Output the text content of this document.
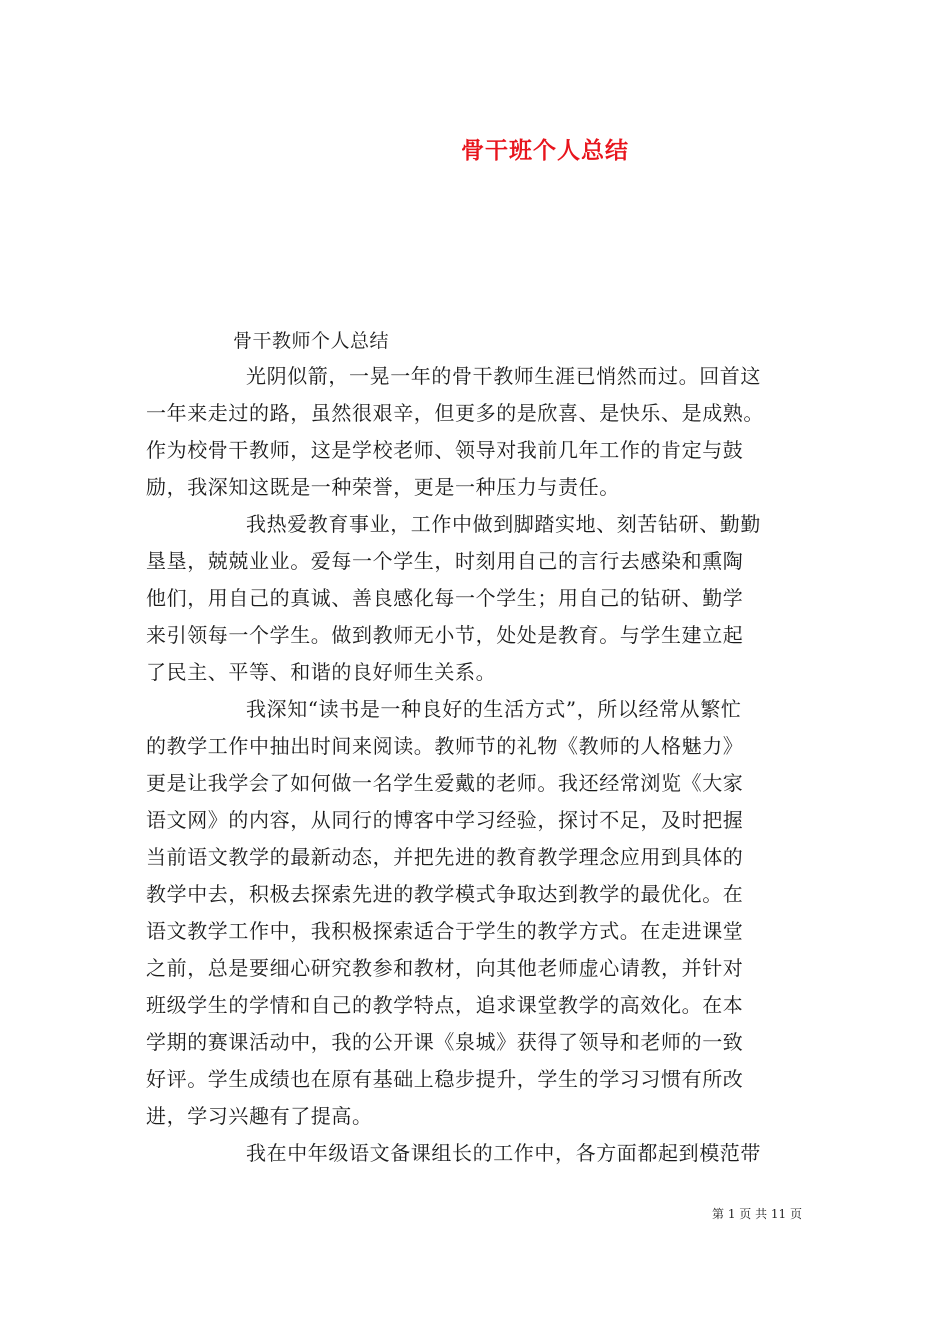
骨干班个人总结

骨干教师个人总结

光阴似箭，一晃一年的骨干教师生涯已悄然而过。回首这
一年来走过的路，虽然很艰辛，但更多的是欣喜、是快乐、是成熟。
作为校骨干教师，这是学校老师、领导对我前几年工作的肯定与鼓
励，我深知这既是一种荣誉，更是一种压力与责任。
我热爱教育事业，工作中做到脚踏实地、刻苦钻研、勤勤
垦垦，兢兢业业。爱每一个学生，时刻用自己的言行去感染和熏陶
他们，用自己的真诚、善良感化每一个学生；用自己的钻研、勤学
来引领每一个学生。做到教师无小节，处处是教育。与学生建立起
了民主、平等、和谐的良好师生关系。
我深知“读书是一种良好的生活方式”，所以经常从繁忙
的教学工作中抽出时间来阅读。教师节的礼物《教师的人格魅力》
更是让我学会了如何做一名学生爱戴的老师。我还经常浏览《大家
语文网》的内容，从同行的博客中学习经验，探讨不足，及时把握
当前语文教学的最新动态，并把先进的教育教学理念应用到具体的
教学中去，积极去探索先进的教学模式争取达到教学的最优化。在
语文教学工作中，我积极探索适合于学生的教学方式。在走进课堂
之前，总是要细心研究教参和教材，向其他老师虚心请教，并针对
班级学生的学情和自己的教学特点，追求课堂教学的高效化。在本
学期的赛课活动中，我的公开课《泉城》获得了领导和老师的一致
好评。学生成绩也在原有基础上稳步提升，学生的学习习惯有所改
进，学习兴趣有了提高。
我在中年级语文备课组长的工作中，各方面都起到模范带
第 1 页 共 11 页
